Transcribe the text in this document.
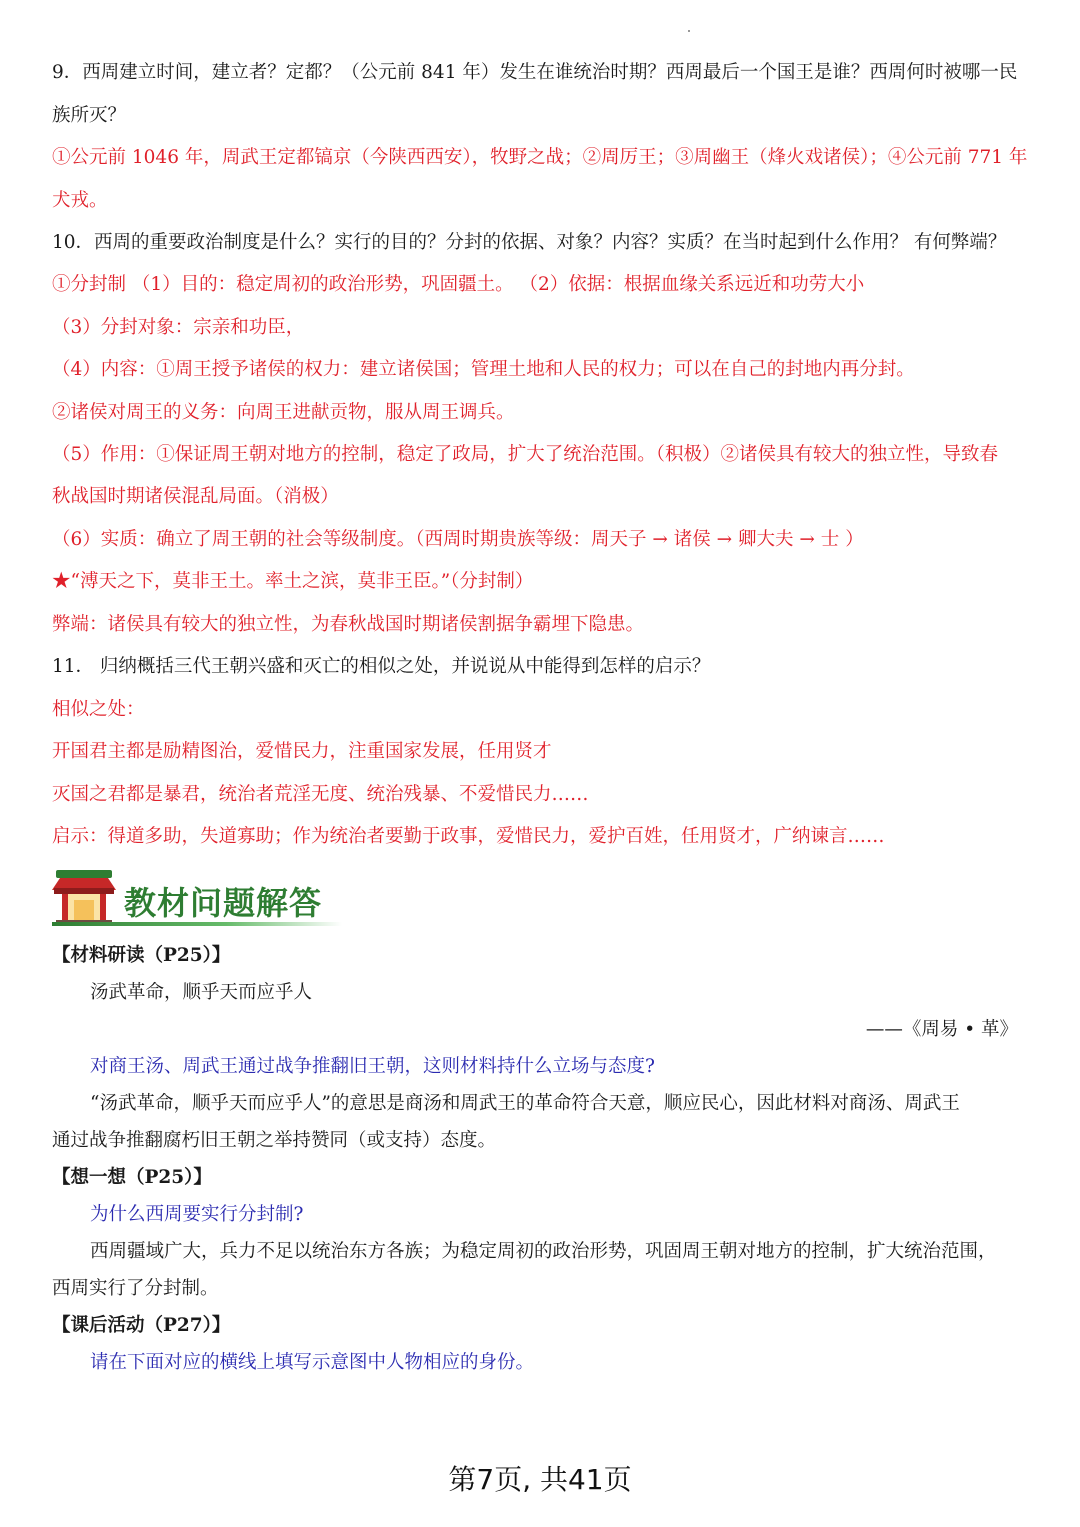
9．西周建立时间，建立者？定都？（公元前 841 年）发生在谁统治时期？西周最后一个国王是谁？西周何时被哪一民
族所灭？
①公元前 1046 年，周武王定都镐京（今陕西西安），牧野之战；②周厉王；③周幽王（烽火戏诸侯）；④公元前 771 年
犬戎。
10．西周的重要政治制度是什么？实行的目的？分封的依据、对象？内容？实质？在当时起到什么作用？ 有何弊端？
①分封制 （1）目的：稳定周初的政治形势，巩固疆土。 （2）依据：根据血缘关系远近和功劳大小
（3）分封对象：宗亲和功臣，
（4）内容：①周王授予诸侯的权力：建立诸侯国；管理土地和人民的权力；可以在自己的封地内再分封。
②诸侯对周王的义务：向周王进献贡物，服从周王调兵。
（5）作用：①保证周王朝对地方的控制，稳定了政局，扩大了统治范围。（积极）②诸侯具有较大的独立性，导致春
秋战国时期诸侯混乱局面。（消极）
（6）实质：确立了周王朝的社会等级制度。（西周时期贵族等级：周天子 → 诸侯 → 卿大夫 → 士 ）
★“溥天之下，莫非王土。率土之滨，莫非王臣。”（分封制）
弊端：诸侯具有较大的独立性，为春秋战国时期诸侯割据争霸埋下隐患。
11． 归纳概括三代王朝兴盛和灭亡的相似之处，并说说从中能得到怎样的启示？
相似之处：
开国君主都是励精图治，爱惜民力，注重国家发展，任用贤才
灭国之君都是暴君，统治者荒淫无度、统治残暴、不爱惜民力……
启示：得道多助，失道寡助；作为统治者要勤于政事，爱惜民力，爱护百姓，任用贤才，广纳谏言……
教材问题解答
【材料研读（P25）】
汤武革命，顺乎天而应乎人
——《周易 • 革》
对商王汤、周武王通过战争推翻旧王朝，这则材料持什么立场与态度?
“汤武革命，顺乎天而应乎人”的意思是商汤和周武王的革命符合天意，顺应民心，因此材料对商汤、周武王
通过战争推翻腐朽旧王朝之举持赞同（或支持）态度。
【想一想（P25）】
为什么西周要实行分封制?
西周疆域广大，兵力不足以统治东方各族；为稳定周初的政治形势，巩固周王朝对地方的控制，扩大统治范围，
西周实行了分封制。
【课后活动（P27）】
请在下面对应的横线上填写示意图中人物相应的身份。
第7页, 共41页
